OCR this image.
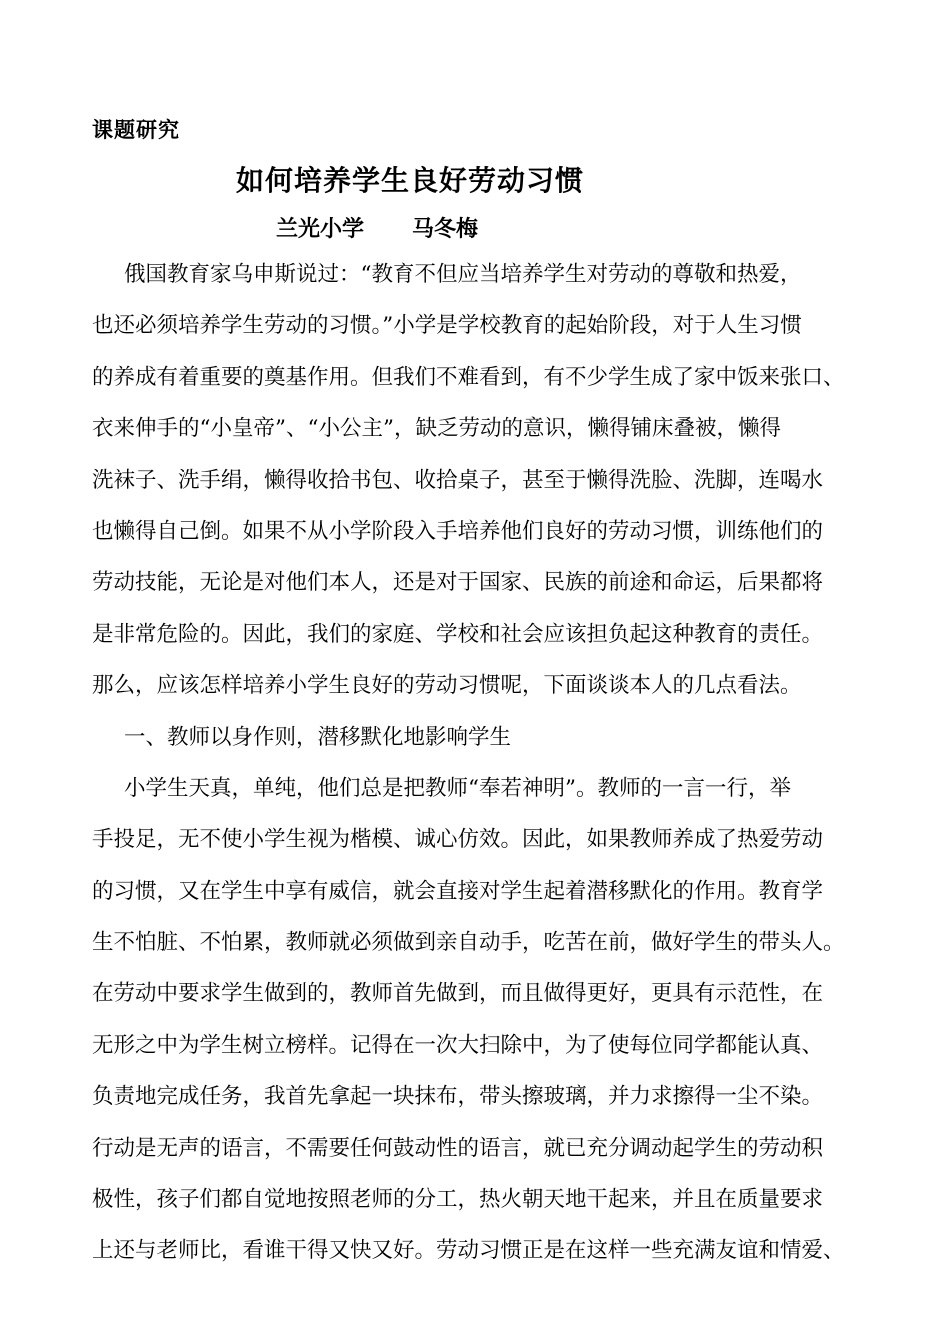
课题研究
如何培养学生良好劳动习惯
兰光小学 马冬梅
俄国教育家乌申斯说过：“教育不但应当培养学生对劳动的尊敬和热爱，
也还必须培养学生劳动的习惯。”小学是学校教育的起始阶段，对于人生习惯
的养成有着重要的奠基作用。但我们不难看到，有不少学生成了家中饭来张口、
衣来伸手的“小皇帝”、“小公主”，缺乏劳动的意识，懒得铺床叠被，懒得
洗袜子、洗手绢，懒得收拾书包、收拾桌子，甚至于懒得洗脸、洗脚，连喝水
也懒得自己倒。如果不从小学阶段入手培养他们良好的劳动习惯，训练他们的
劳动技能，无论是对他们本人，还是对于国家、民族的前途和命运，后果都将
是非常危险的。因此，我们的家庭、学校和社会应该担负起这种教育的责任。
那么，应该怎样培养小学生良好的劳动习惯呢，下面谈谈本人的几点看法。
一、教师以身作则，潜移默化地影响学生
小学生天真，单纯，他们总是把教师“奉若神明”。教师的一言一行，举
手投足，无不使小学生视为楷模、诚心仿效。因此，如果教师养成了热爱劳动
的习惯，又在学生中享有威信，就会直接对学生起着潜移默化的作用。教育学
生不怕脏、不怕累，教师就必须做到亲自动手，吃苦在前，做好学生的带头人。
在劳动中要求学生做到的，教师首先做到，而且做得更好，更具有示范性，在
无形之中为学生树立榜样。记得在一次大扫除中，为了使每位同学都能认真、
负责地完成任务，我首先拿起一块抹布，带头擦玻璃，并力求擦得一尘不染。
行动是无声的语言，不需要任何鼓动性的语言，就已充分调动起学生的劳动积
极性，孩子们都自觉地按照老师的分工，热火朝天地干起来，并且在质量要求
上还与老师比，看谁干得又快又好。劳动习惯正是在这样一些充满友谊和情爱、
